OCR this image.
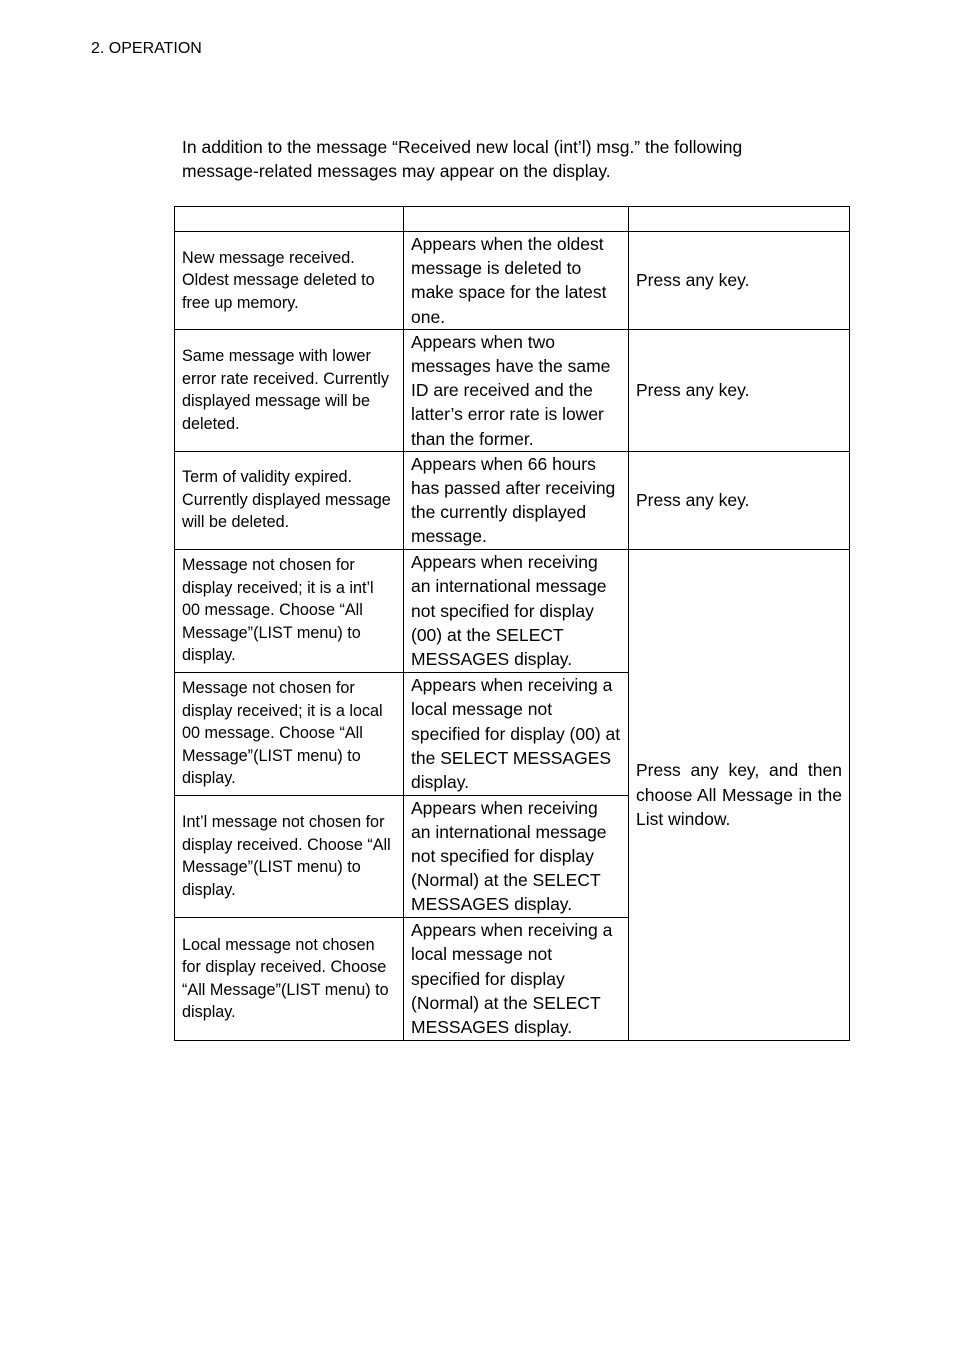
2. OPERATION
In addition to the message “Received new local (int’l) msg.” the following message-related messages may appear on the display.

New message received. Oldest message deleted to free up memory.	Appears when the oldest message is deleted to make space for the latest one.	Press any key.
Same message with lower error rate received. Currently displayed message will be deleted.	Appears when two messages have the same ID are received and the latter’s error rate is lower than the former.	Press any key.
Term of validity expired. Currently displayed message will be deleted.	Appears when 66 hours has passed after receiving the currently displayed message.	Press any key.
Message not chosen for display received; it is a int’l 00 message. Choose “All Message”(LIST menu) to display.	Appears when receiving an international message not specified for display (00) at the SELECT MESSAGES display.	Press any key, and then choose All Message in the List window.
Message not chosen for display received; it is a local 00 message. Choose “All Message”(LIST menu) to display.	Appears when receiving a local message not specified for display (00) at the SELECT MESSAGES display.	
Int’l message not chosen for display received. Choose “All Message”(LIST menu) to display.	Appears when receiving an international message not specified for display (Normal) at the SELECT MESSAGES display.	
Local message not chosen for display received. Choose “All Message”(LIST menu) to display.	Appears when receiving a local message not specified for display (Normal) at the SELECT MESSAGES display.	
